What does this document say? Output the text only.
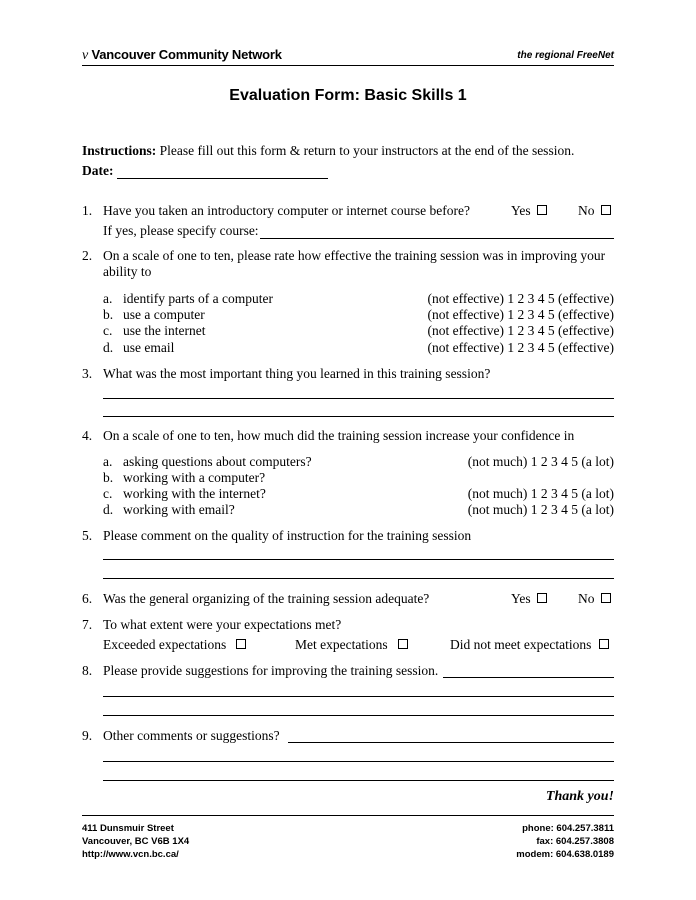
v Vancouver Community Network	the regional FreeNet
Evaluation Form: Basic Skills 1
Instructions: Please fill out this form & return to your instructors at the end of the session.
Date:
1. Have you taken an introductory computer or internet course before?	Yes	No
If yes, please specify course:
2. On a scale of one to ten, please rate how effective the training session was in improving your
ability to
a. identify parts of a computer	(not effective) 1 2 3 4 5 (effective)
b. use a computer	(not effective) 1 2 3 4 5 (effective)
c. use the internet	(not effective) 1 2 3 4 5 (effective)
d. use email	(not effective) 1 2 3 4 5 (effective)
3. What was the most important thing you learned in this training session?
4. On a scale of one to ten, how much did the training session increase your confidence in
a. asking questions about computers?	(not much) 1 2 3 4 5 (a lot)
b. working with a computer?
c. working with the internet?	(not much) 1 2 3 4 5 (a lot)
d. working with email?	(not much) 1 2 3 4 5 (a lot)
5. Please comment on the quality of instruction for the training session
6. Was the general organizing of the training session adequate?	Yes	No
7. To what extent were your expectations met?
Exceeded expectations	Met expectations	Did not meet expectations
8. Please provide suggestions for improving the training session.
9. Other comments or suggestions?
Thank you!
411 Dunsmuir Street
Vancouver, BC V6B 1X4
http://www.vcn.bc.ca/
phone: 604.257.3811
fax: 604.257.3808
modem: 604.638.0189
